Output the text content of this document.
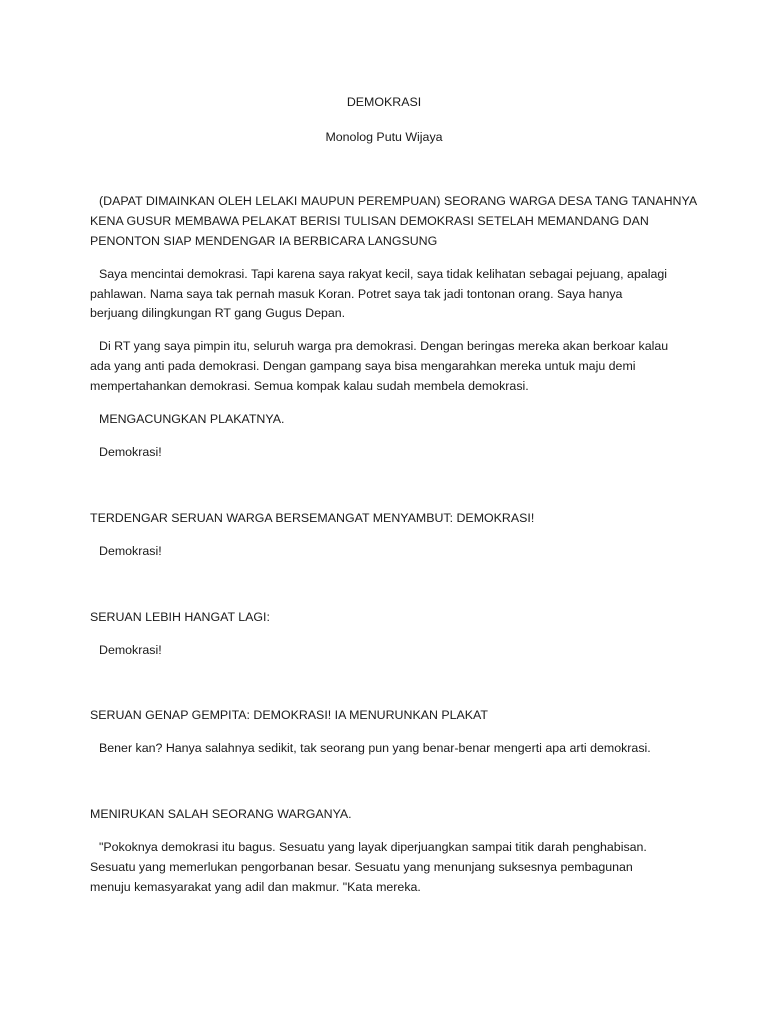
DEMOKRASI
Monolog Putu Wijaya
(DAPAT DIMAINKAN OLEH LELAKI MAUPUN PEREMPUAN) SEORANG WARGA DESA TANG TANAHNYA
KENA GUSUR MEMBAWA PELAKAT BERISI TULISAN DEMOKRASI SETELAH MEMANDANG DAN
PENONTON SIAP MENDENGAR IA BERBICARA LANGSUNG
Saya mencintai demokrasi. Tapi karena saya rakyat kecil, saya tidak kelihatan sebagai pejuang, apalagi
pahlawan. Nama saya tak pernah masuk Koran. Potret saya tak jadi tontonan orang. Saya hanya
berjuang dilingkungan RT gang Gugus Depan.
Di RT yang saya pimpin itu, seluruh warga pra demokrasi. Dengan beringas mereka akan berkoar kalau
ada yang anti pada demokrasi. Dengan gampang saya bisa mengarahkan mereka untuk maju demi
mempertahankan demokrasi. Semua kompak kalau sudah membela demokrasi.
MENGACUNGKAN PLAKATNYA.
Demokrasi!
TERDENGAR SERUAN WARGA BERSEMANGAT MENYAMBUT: DEMOKRASI!
Demokrasi!
SERUAN LEBIH HANGAT LAGI:
Demokrasi!
SERUAN GENAP GEMPITA: DEMOKRASI! IA MENURUNKAN PLAKAT
Bener kan? Hanya salahnya sedikit, tak seorang pun yang benar-benar mengerti apa arti demokrasi.
MENIRUKAN SALAH SEORANG WARGANYA.
"Pokoknya demokrasi itu bagus. Sesuatu yang layak diperjuangkan sampai titik darah penghabisan.
Sesuatu yang memerlukan pengorbanan besar. Sesuatu yang menunjang suksesnya pembagunan
menuju kemasyarakat yang adil dan makmur. "Kata mereka.
